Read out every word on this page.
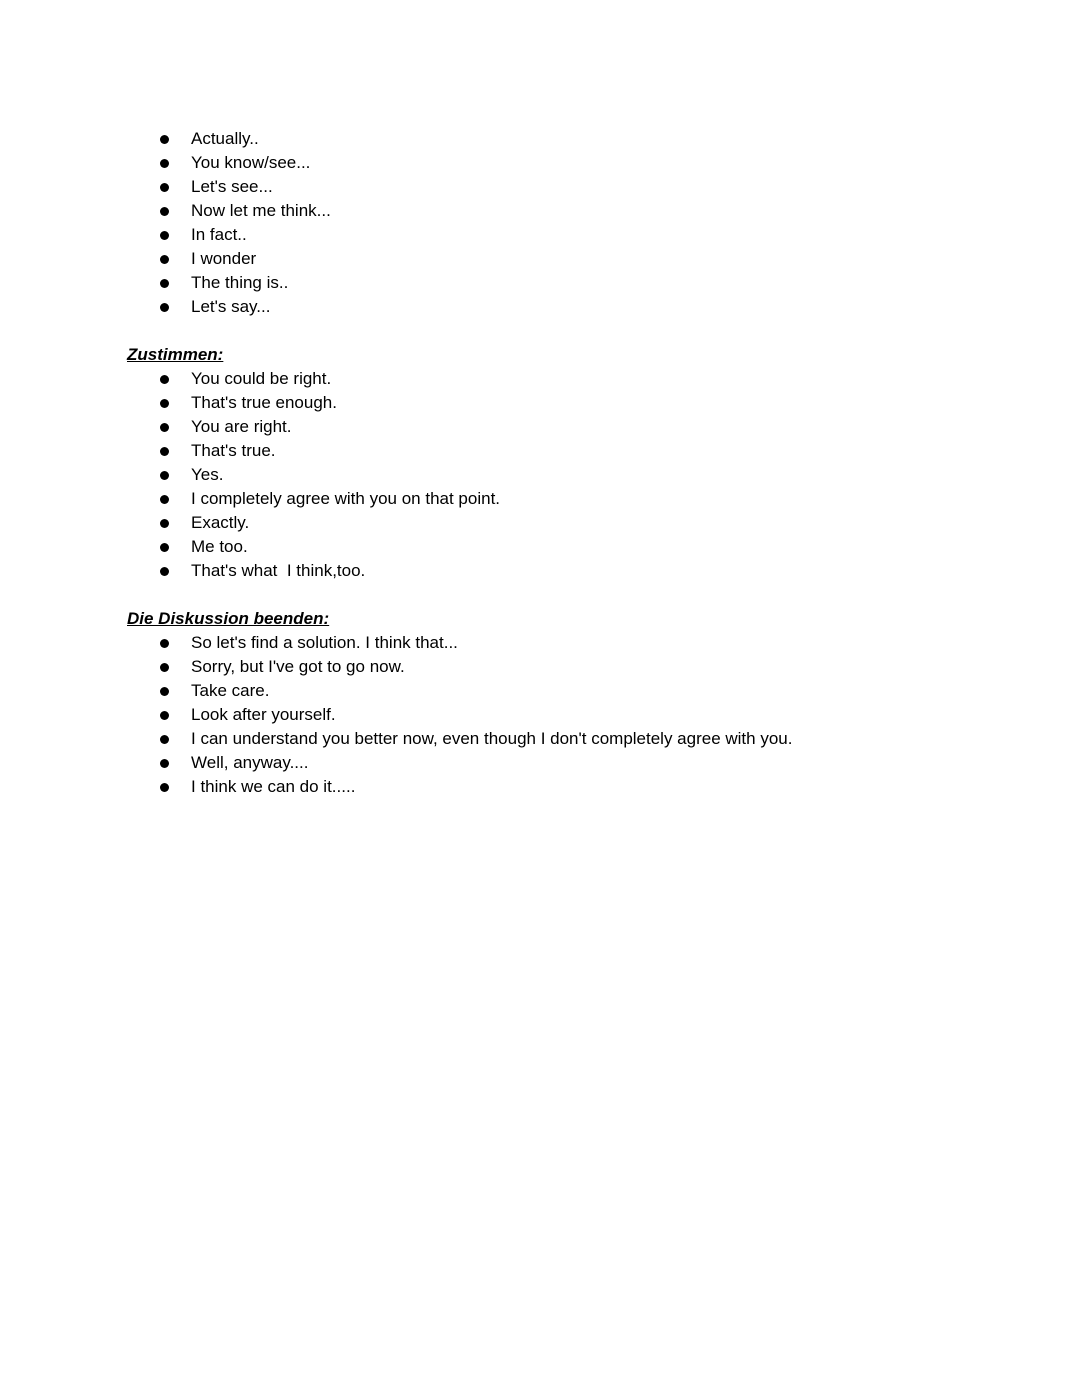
Actually..
You know/see...
Let's see...
Now let me think...
In fact..
I wonder
The thing is..
Let's say...
Zustimmen:
You could be right.
That's true enough.
You are right.
That's true.
Yes.
I completely agree with you on that point.
Exactly.
Me too.
That's what  I think,too.
Die Diskussion beenden:
So let's find a solution. I think that...
Sorry, but I've got to go now.
Take care.
Look after yourself.
I can understand you better now, even though I don't completely agree with you.
Well, anyway....
I think we can do it.....
